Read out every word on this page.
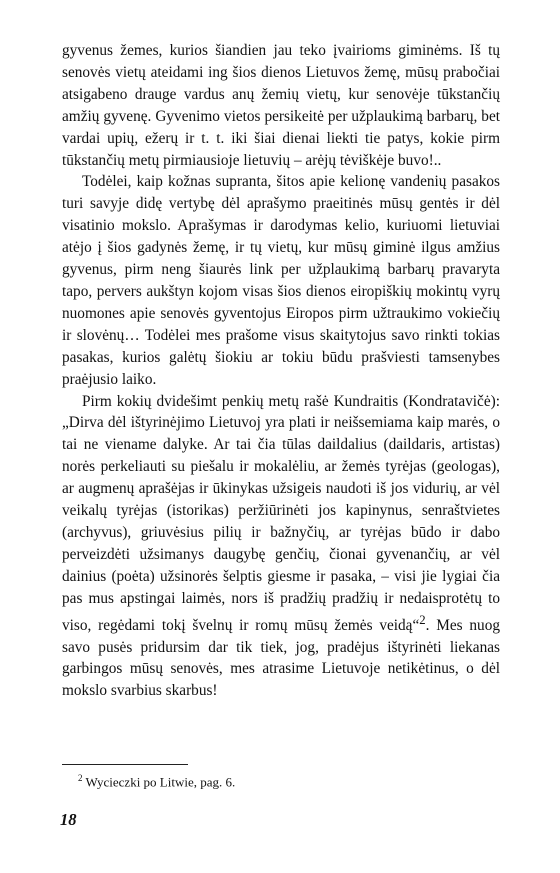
gyvenus žemes, kurios šiandien jau teko įvairioms giminėms. Iš tų senovės vietų ateidami ing šios dienos Lietuvos žemę, mūsų prabočiai atsigabeno drauge vardus anų žemių vietų, kur senovėje tūkstančių amžių gyvenę. Gyvenimo vietos persikeitė per užplaukimą barbarų, bet vardai upių, ežerų ir t. t. iki šiai dienai liekti tie patys, kokie pirm tūkstančių metų pirmiausioje lietuvių – arėjų tėviškėje buvo!..

Todėlei, kaip kožnas supranta, šitos apie kelionę vandenių pasakos turi savyje didę vertybę dėl aprašymo praeitinės mūsų gentės ir dėl visatinio mokslo. Aprašymas ir darodymas kelio, kuriuomi lietuviai atėjo į šios gadynės žemę, ir tų vietų, kur mūsų giminė ilgus amžius gyvenus, pirm neng šiaurės link per užplaukimą barbarų pravaryta tapo, pervers aukštyn kojom visas šios dienos eiropiškių mokintų vyrų nuomones apie senovės gyventojus Eiropos pirm užtraukimo vokiečių ir slovėnų… Todėlei mes prašome visus skaitytojus savo rinkti tokias pasakas, kurios galėtų šiokiu ar tokiu būdu prašviesti tamsenybes praėjusio laiko.

Pirm kokių dvidešimt penkių metų rašė Kundraitis (Kondratavičė): „Dirva dėl ištyrinėjimo Lietuvoj yra plati ir neišsemiama kaip marės, o tai ne viename dalyke. Ar tai čia tūlas daildalius (daildaris, artistas) norės perkeliauti su piešalu ir mokalėliu, ar žemės tyrėjas (geologas), ar augmenų aprašėjas ir ūkinykas užsigeis naudoti iš jos vidurių, ar vėl veikalų tyrėjas (istorikas) peržiūrinėti jos kapinynus, senraštvietes (archyvus), griuvėsius pilių ir bažnyčių, ar tyrėjas būdo ir dabo perveizdėti užsimanys daugybę genčių, čionai gyvenančių, ar vėl dainius (poėta) užsinorės šelptis giesme ir pasaka, – visi jie lygiai čia pas mus apstingai laimės, nors iš pradžių pradžių ir nedaisprotėtų to viso, regėdami tokį švelnų ir romų mūsų žemės veidą“$^2$. Mes nuog savo pusės pridursim dar tik tiek, jog, pradėjus ištyrinėti liekanas garbingos mūsų senovės, mes atrasime Lietuvoje netikėtinus, o dėl mokslo svarbius skarbus!

$^2$ Wycieczki po Litwie, pag. 6.
18
